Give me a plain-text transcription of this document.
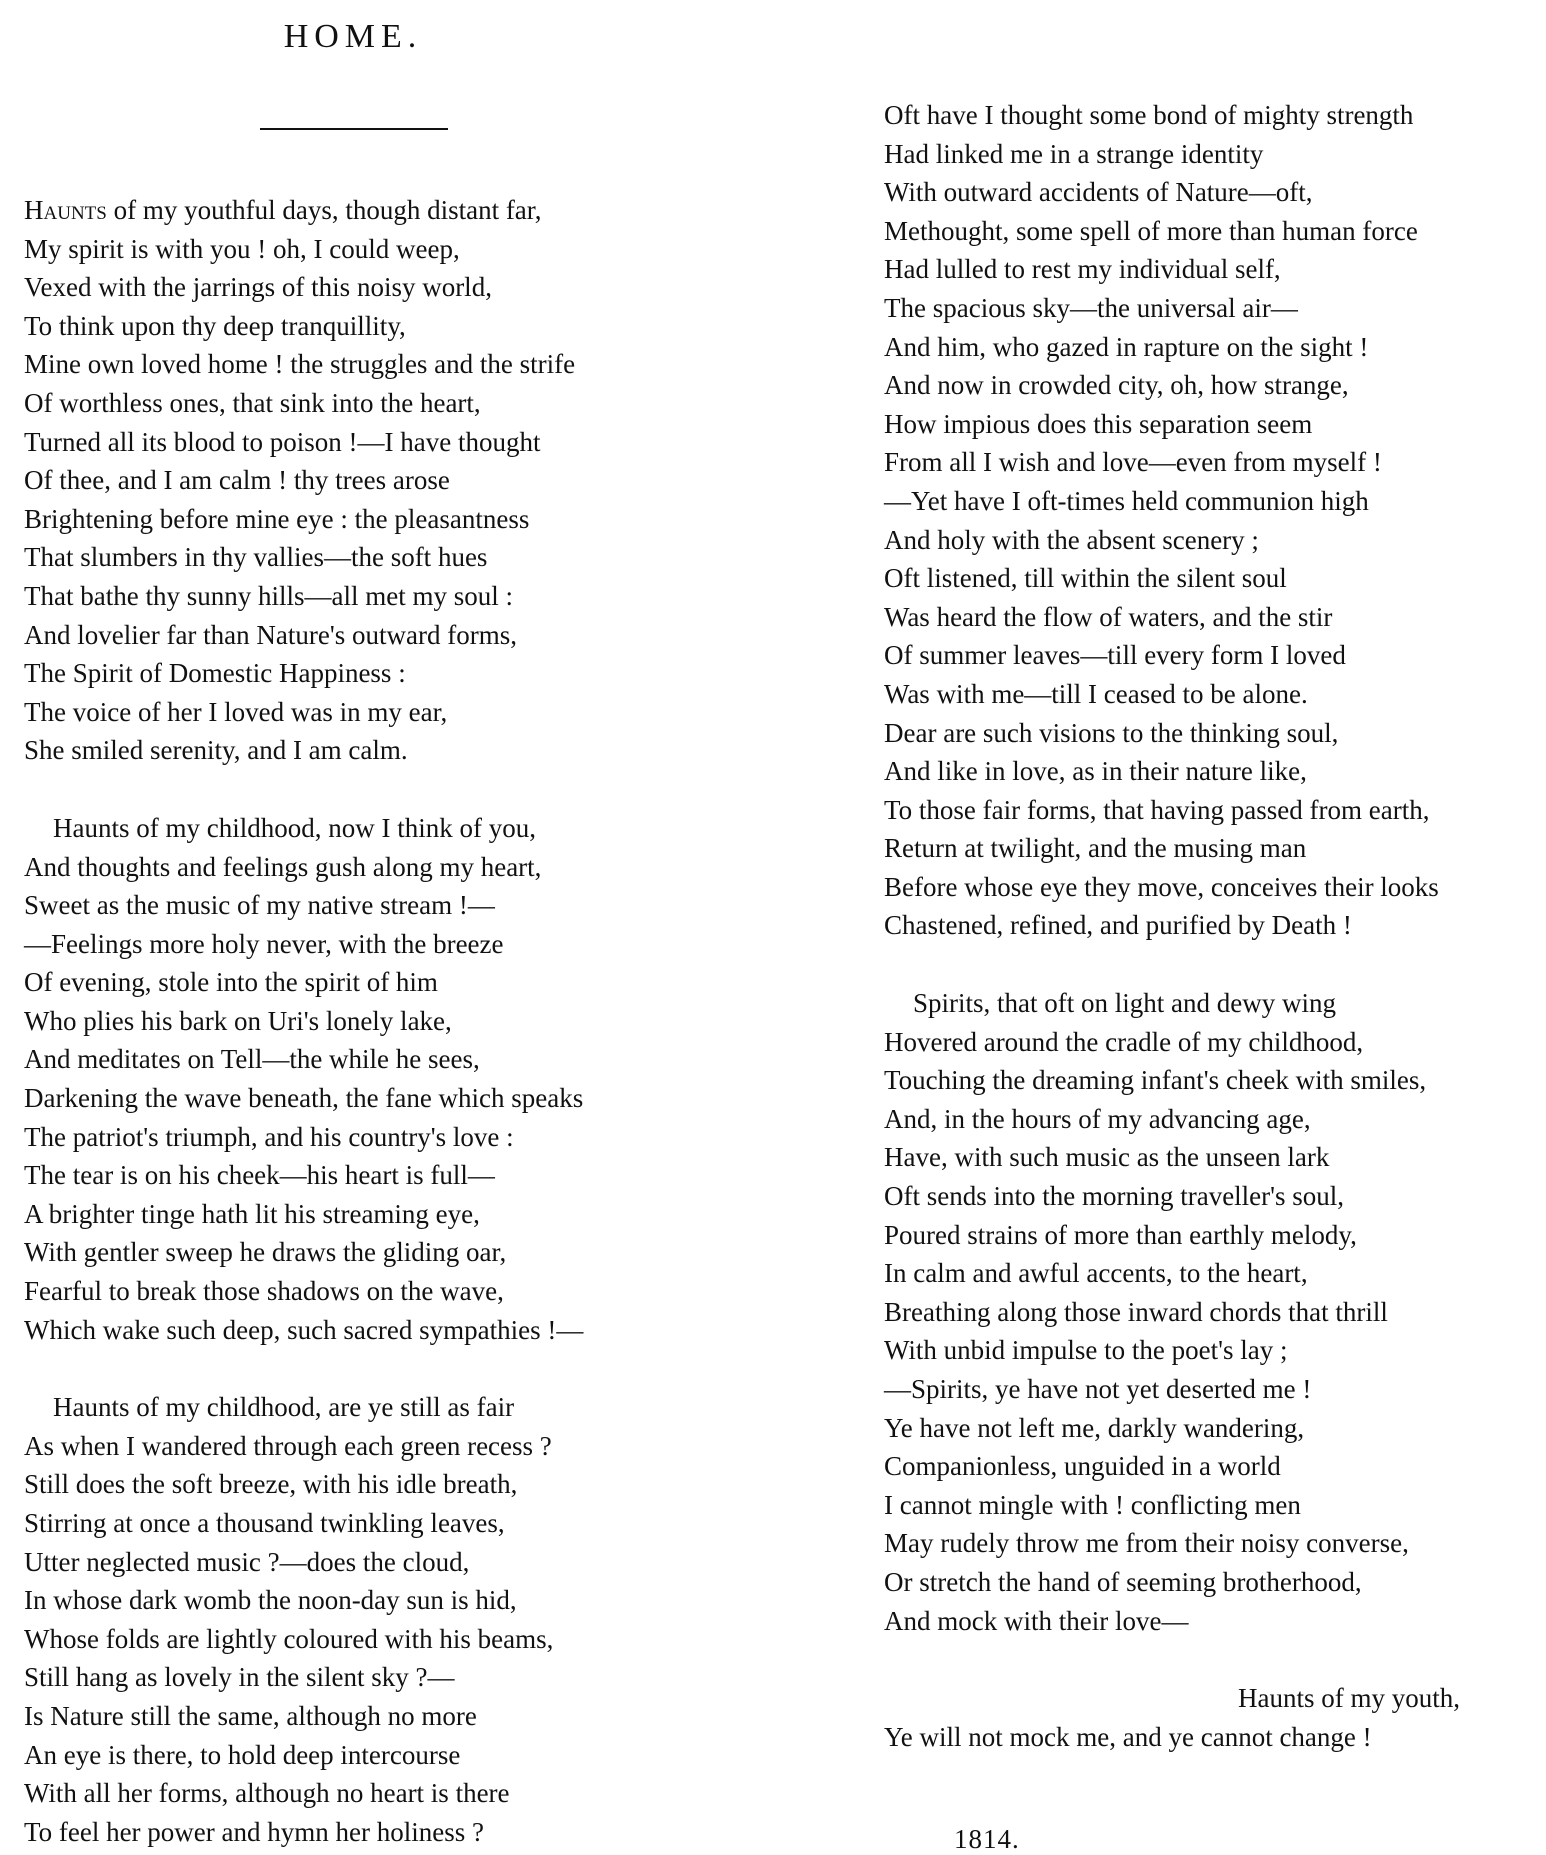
HOME.
Haunts of my youthful days, though distant far,
My spirit is with you ! oh, I could weep,
Vexed with the jarrings of this noisy world,
To think upon thy deep tranquillity,
Mine own loved home ! the struggles and the strife
Of worthless ones, that sink into the heart,
Turned all its blood to poison !—I have thought
Of thee, and I am calm ! thy trees arose
Brightening before mine eye : the pleasantness
That slumbers in thy vallies—the soft hues
That bathe thy sunny hills—all met my soul :
And lovelier far than Nature's outward forms,
The Spirit of Domestic Happiness :
The voice of her I loved was in my ear,
She smiled serenity, and I am calm.
Haunts of my childhood, now I think of you,
And thoughts and feelings gush along my heart,
Sweet as the music of my native stream !—
—Feelings more holy never, with the breeze
Of evening, stole into the spirit of him
Who plies his bark on Uri's lonely lake,
And meditates on Tell—the while he sees,
Darkening the wave beneath, the fane which speaks
The patriot's triumph, and his country's love :
The tear is on his cheek—his heart is full—
A brighter tinge hath lit his streaming eye,
With gentler sweep he draws the gliding oar,
Fearful to break those shadows on the wave,
Which wake such deep, such sacred sympathies !—
Haunts of my childhood, are ye still as fair
As when I wandered through each green recess ?
Still does the soft breeze, with his idle breath,
Stirring at once a thousand twinkling leaves,
Utter neglected music ?—does the cloud,
In whose dark womb the noon-day sun is hid,
Whose folds are lightly coloured with his beams,
Still hang as lovely in the silent sky ?—
Is Nature still the same, although no more
An eye is there, to hold deep intercourse
With all her forms, although no heart is there
To feel her power and hymn her holiness ?
Oft have I thought some bond of mighty strength
Had linked me in a strange identity
With outward accidents of Nature—oft,
Methought, some spell of more than human force
Had lulled to rest my individual self,
The spacious sky—the universal air—
And him, who gazed in rapture on the sight !
And now in crowded city, oh, how strange,
How impious does this separation seem
From all I wish and love—even from myself !
—Yet have I oft-times held communion high
And holy with the absent scenery ;
Oft listened, till within the silent soul
Was heard the flow of waters, and the stir
Of summer leaves—till every form I loved
Was with me—till I ceased to be alone.
Dear are such visions to the thinking soul,
And like in love, as in their nature like,
To those fair forms, that having passed from earth,
Return at twilight, and the musing man
Before whose eye they move, conceives their looks
Chastened, refined, and purified by Death !
Spirits, that oft on light and dewy wing
Hovered around the cradle of my childhood,
Touching the dreaming infant's cheek with smiles,
And, in the hours of my advancing age,
Have, with such music as the unseen lark
Oft sends into the morning traveller's soul,
Poured strains of more than earthly melody,
In calm and awful accents, to the heart,
Breathing along those inward chords that thrill
With unbid impulse to the poet's lay ;
—Spirits, ye have not yet deserted me !
Ye have not left me, darkly wandering,
Companionless, unguided in a world
I cannot mingle with ! conflicting men
May rudely throw me from their noisy converse,
Or stretch the hand of seeming brotherhood,
And mock with their love—
Haunts of my youth,
Ye will not mock me, and ye cannot change !
1814.
